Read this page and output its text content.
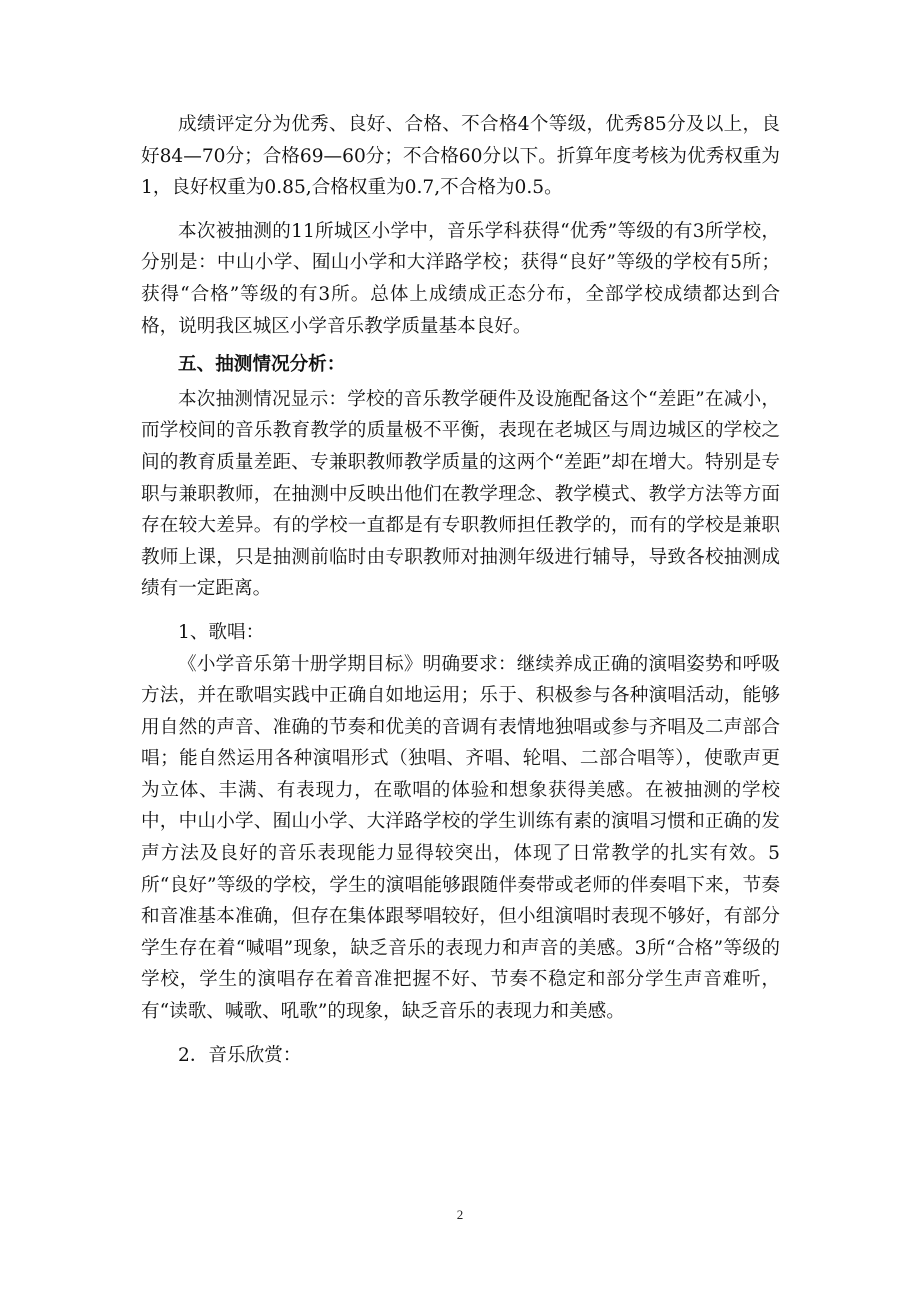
成绩评定分为优秀、良好、合格、不合格4个等级，优秀85分及以上，良好84—70分；合格69—60分；不合格60分以下。折算年度考核为优秀权重为1，良好权重为0.85,合格权重为0.7,不合格为0.5。

本次被抽测的11所城区小学中，音乐学科获得“优秀”等级的有3所学校，分别是：中山小学、囿山小学和大洋路学校；获得“良好”等级的学校有5所；获得“合格”等级的有3所。总体上成绩成正态分布，全部学校成绩都达到合格，说明我区城区小学音乐教学质量基本良好。

五、抽测情况分析：

本次抽测情况显示：学校的音乐教学硬件及设施配备这个“差距”在减小，而学校间的音乐教育教学的质量极不平衡，表现在老城区与周边城区的学校之间的教育质量差距、专兼职教师教学质量的这两个“差距”却在增大。特别是专职与兼职教师，在抽测中反映出他们在教学理念、教学模式、教学方法等方面存在较大差异。有的学校一直都是有专职教师担任教学的，而有的学校是兼职教师上课，只是抽测前临时由专职教师对抽测年级进行辅导，导致各校抽测成绩有一定距离。

1、歌唱：

《小学音乐第十册学期目标》明确要求：继续养成正确的演唱姿势和呼吸方法，并在歌唱实践中正确自如地运用；乐于、积极参与各种演唱活动，能够用自然的声音、准确的节奏和优美的音调有表情地独唱或参与齐唱及二声部合唱；能自然运用各种演唱形式（独唱、齐唱、轮唱、二部合唱等），使歌声更为立体、丰满、有表现力，在歌唱的体验和想象获得美感。在被抽测的学校中，中山小学、囿山小学、大洋路学校的学生训练有素的演唱习惯和正确的发声方法及良好的音乐表现能力显得较突出，体现了日常教学的扎实有效。5所“良好”等级的学校，学生的演唱能够跟随伴奏带或老师的伴奏唱下来，节奏和音准基本准确，但存在集体跟琴唱较好，但小组演唱时表现不够好，有部分学生存在着“喊唱”现象，缺乏音乐的表现力和声音的美感。3所“合格”等级的学校，学生的演唱存在着音准把握不好、节奏不稳定和部分学生声音难听，有“读歌、喊歌、吼歌”的现象，缺乏音乐的表现力和美感。

2．音乐欣赏：

2
